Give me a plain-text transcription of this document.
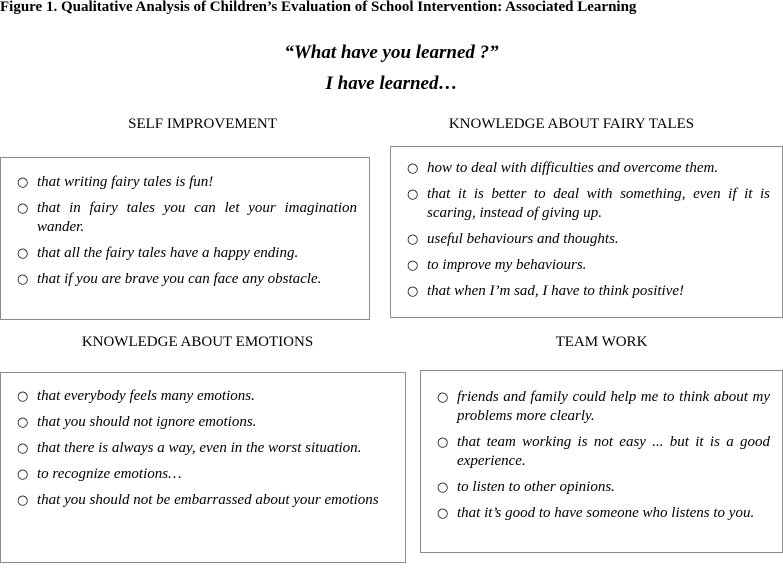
Figure 1. Qualitative Analysis of Children’s Evaluation of School Intervention: Associated Learning
“What have you learned ?”
I have learned…
SELF IMPROVEMENT
○ that writing fairy tales is fun!
○ that in fairy tales you can let your imagination wander.
○ that all the fairy tales have a happy ending.
○ that if you are brave you can face any obstacle.
KNOWLEDGE ABOUT FAIRY TALES
○ how to deal with difficulties and overcome them.
○ that it is better to deal with something, even if it is scaring, instead of giving up.
○ useful behaviours and thoughts.
○ to improve my behaviours.
○ that when I’m sad, I have to think positive!
KNOWLEDGE ABOUT EMOTIONS
○ that everybody feels many emotions.
○ that you should not ignore emotions.
○ that there is always a way, even in the worst situation.
○ to recognize emotions…
○ that you should not be embarrassed about your emotions
TEAM WORK
○ friends and family could help me to think about my problems more clearly.
○ that team working is not easy ... but it is a good experience.
○ to listen to other opinions.
○ that it’s good to have someone who listens to you.
